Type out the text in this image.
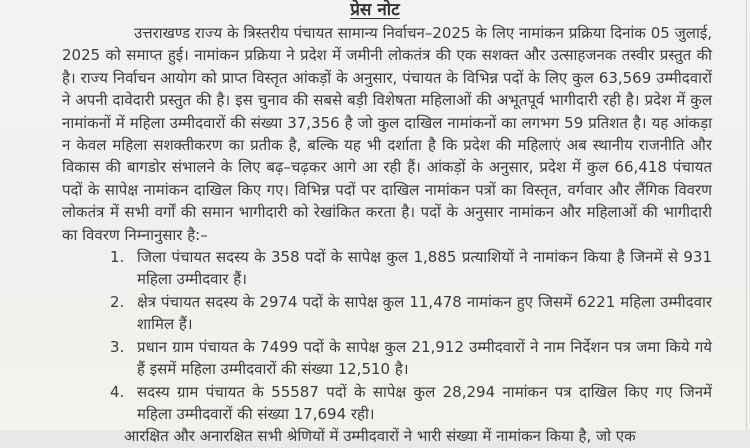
प्रेस नोट

उत्तराखण्ड राज्य के त्रिस्तरीय पंचायत सामान्य निर्वाचन–2025 के लिए नामांकन प्रक्रिया दिनांक 05 जुलाई, 2025 को समाप्त हुई। नामांकन प्रक्रिया ने प्रदेश में जमीनी लोकतंत्र की एक सशक्त और उत्साहजनक तस्वीर प्रस्तुत की है। राज्य निर्वाचन आयोग को प्राप्त विस्तृत आंकड़ों के अनुसार, पंचायत के विभिन्न पदों के लिए कुल 63,569 उम्मीदवारों ने अपनी दावेदारी प्रस्तुत की है। इस चुनाव की सबसे बड़ी विशेषता महिलाओं की अभूतपूर्व भागीदारी रही है। प्रदेश में कुल नामांकनों में महिला उम्मीदवारों की संख्या 37,356 है जो कुल दाखिल नामांकनों का लगभग 59 प्रतिशत है। यह आंकड़ा न केवल महिला सशक्तीकरण का प्रतीक है, बल्कि यह भी दर्शाता है कि प्रदेश की महिलाएं अब स्थानीय राजनीति और विकास की बागडोर संभालने के लिए बढ़–चढ़कर आगे आ रही हैं। आंकड़ों के अनुसार, प्रदेश में कुल 66,418 पंचायत पदों के सापेक्ष नामांकन दाखिल किए गए। विभिन्न पदों पर दाखिल नामांकन पत्रों का विस्तृत, वर्गवार और लैंगिक विवरण लोकतंत्र में सभी वर्गों की समान भागीदारी को रेखांकित करता है। पदों के अनुसार नामांकन और महिलाओं की भागीदारी का विवरण निम्नानुसार है:–

1. जिला पंचायत सदस्य के 358 पदों के सापेक्ष कुल 1,885 प्रत्याशियों ने नामांकन किया है जिनमें से 931 महिला उम्मीदवार हैं।
2. क्षेत्र पंचायत सदस्य के 2974 पदों के सापेक्ष कुल 11,478 नामांकन हुए जिसमें 6221 महिला उम्मीदवार शामिल हैं।
3. प्रधान ग्राम पंचायत के 7499 पदों के सापेक्ष कुल 21,912 उम्मीदवारों ने नाम निर्देशन पत्र जमा किये गये हैं इसमें महिला उम्मीदवारों की संख्या 12,510 है।
4. सदस्य ग्राम पंचायत के 55587 पदों के सापेक्ष कुल 28,294 नामांकन पत्र दाखिल किए गए जिनमें महिला उम्मीदवारों की संख्या 17,694 रही।

आरक्षित और अनारक्षित सभी श्रेणियों में उम्मीदवारों ने भारी संख्या में नामांकन किया है, जो एक
